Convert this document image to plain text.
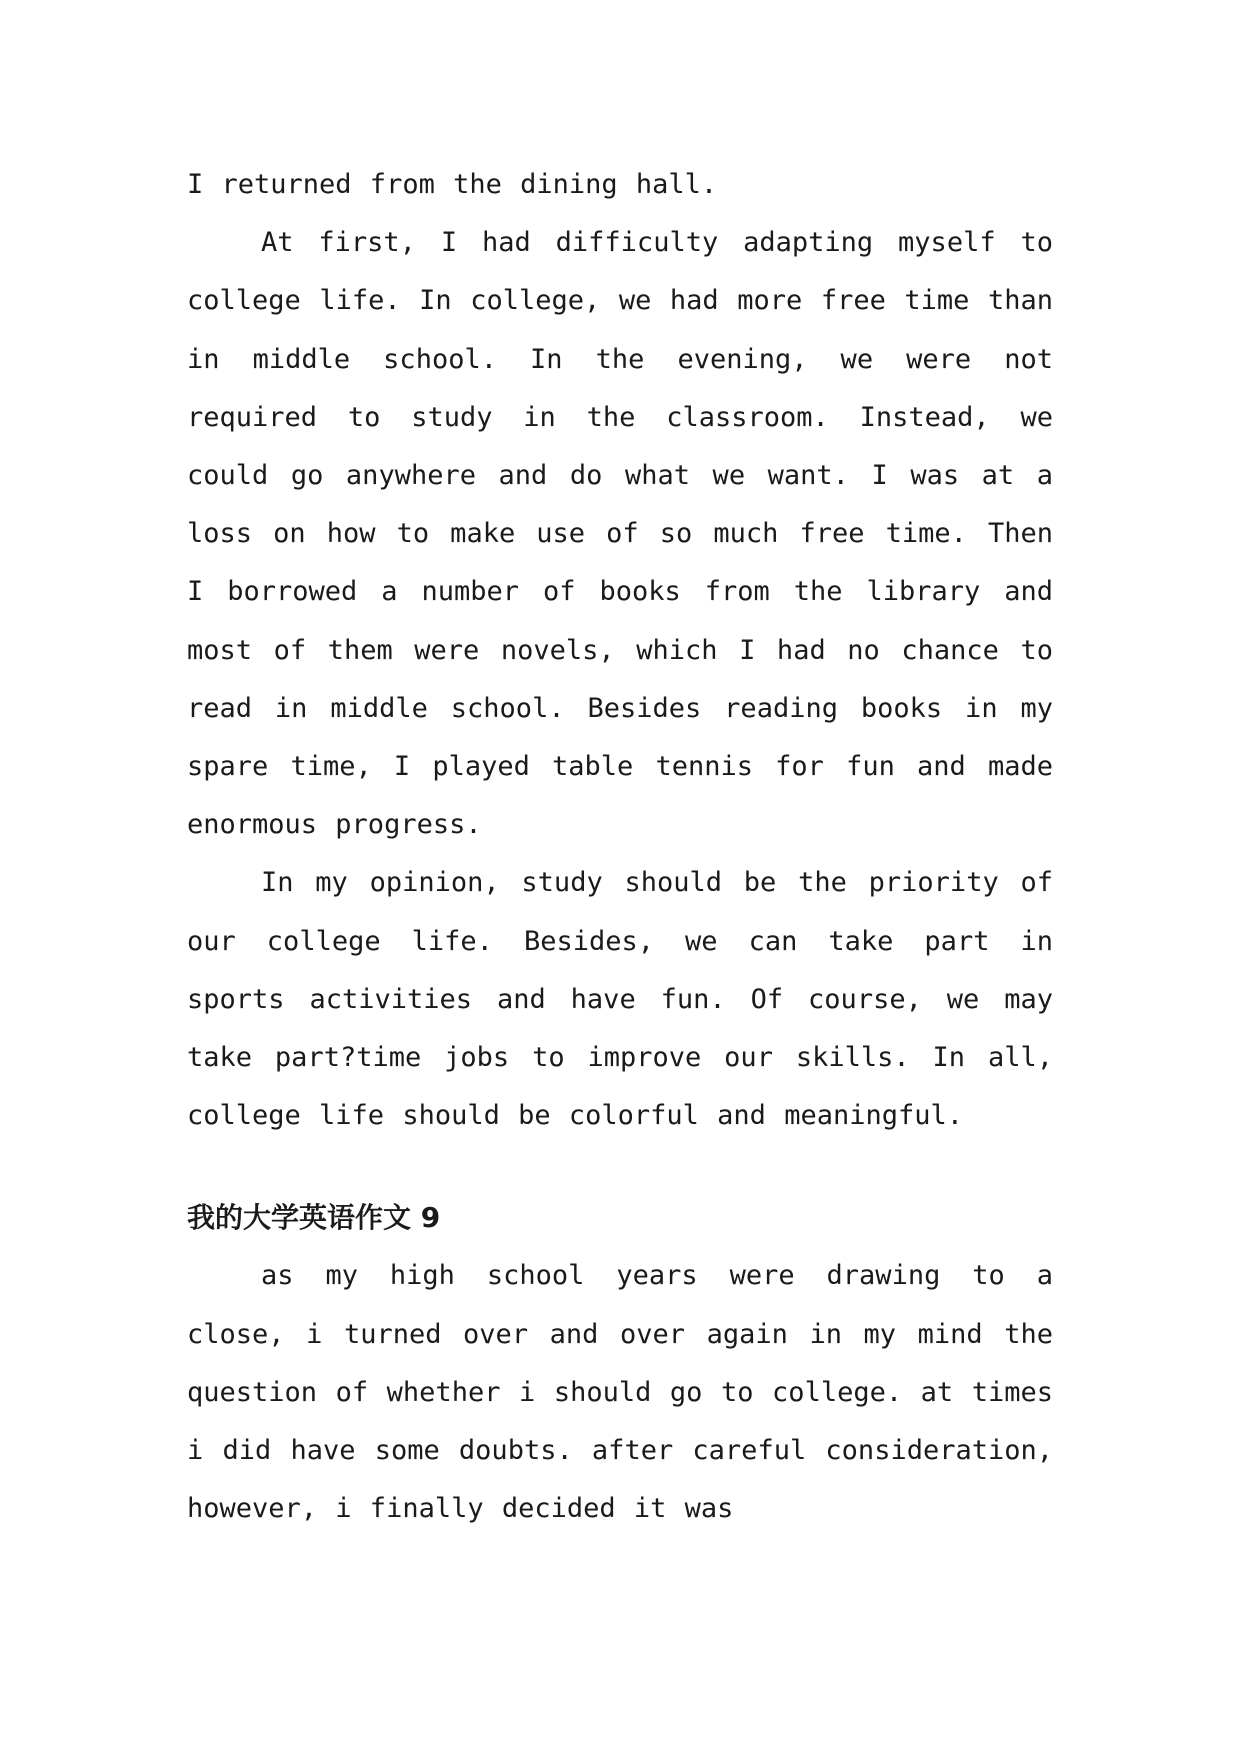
I returned from the dining hall.

At first, I had difficulty adapting myself to college life. In college, we had more free time than in middle school. In the evening, we were not required to study in the classroom. Instead, we could go anywhere and do what we want. I was at a loss on how to make use of so much free time. Then I borrowed a number of books from the library and most of them were novels, which I had no chance to read in middle school. Besides reading books in my spare time, I played table tennis for fun and made enormous progress.

In my opinion, study should be the priority of our college life. Besides, we can take part in sports activities and have fun. Of course, we may take part?time jobs to improve our skills. In all, college life should be colorful and meaningful.

我的大学英语作文 9

as my high school years were drawing to a close, i turned over and over again in my mind the question of whether i should go to college. at times i did have some doubts. after careful consideration, however, i finally decided it was
